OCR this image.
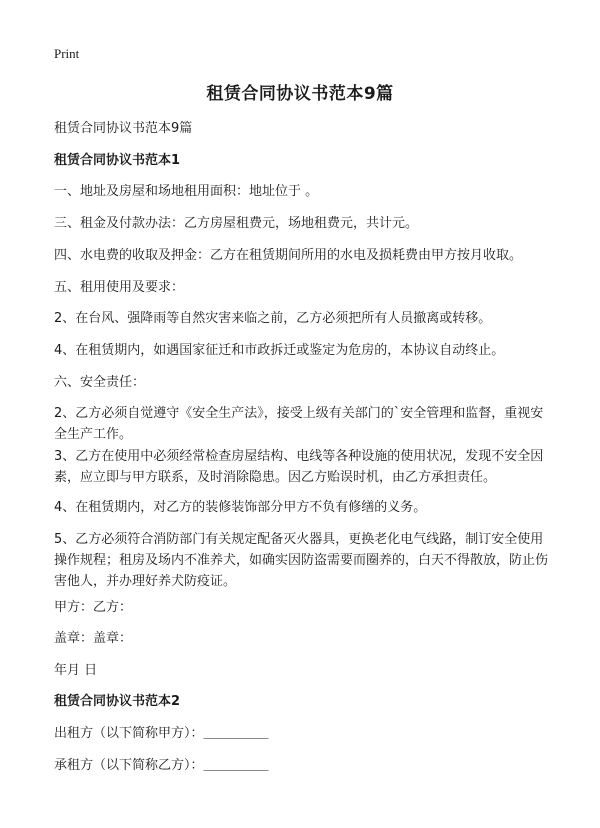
Print
租赁合同协议书范本9篇
租赁合同协议书范本9篇
租赁合同协议书范本1
一、地址及房屋和场地租用面积：地址位于 。
三、租金及付款办法：乙方房屋租费元，场地租费元，共计元。
四、水电费的收取及押金：乙方在租赁期间所用的水电及损耗费由甲方按月收取。
五、租用使用及要求：
2、在台风、强降雨等自然灾害来临之前，乙方必须把所有人员撤离或转移。
4、在租赁期内，如遇国家征迁和市政拆迁或鉴定为危房的，本协议自动终止。
六、安全责任：
2、乙方必须自觉遵守《安全生产法》，接受上级有关部门的`安全管理和监督，重视安全生产工作。
3、乙方在使用中必须经常检查房屋结构、电线等各种设施的使用状况，发现不安全因素，应立即与甲方联系，及时消除隐患。因乙方贻误时机，由乙方承担责任。
4、在租赁期内，对乙方的装修装饰部分甲方不负有修缮的义务。
5、乙方必须符合消防部门有关规定配备灭火器具，更换老化电气线路，制订安全使用操作规程；租房及场内不准养犬，如确实因防盗需要而圈养的，白天不得散放，防止伤害他人，并办理好养犬防疫证。
甲方：乙方：
盖章：盖章：
年月 日
租赁合同协议书范本2
出租方（以下简称甲方）：＿＿＿＿＿
承租方（以下简称乙方）：＿＿＿＿＿
